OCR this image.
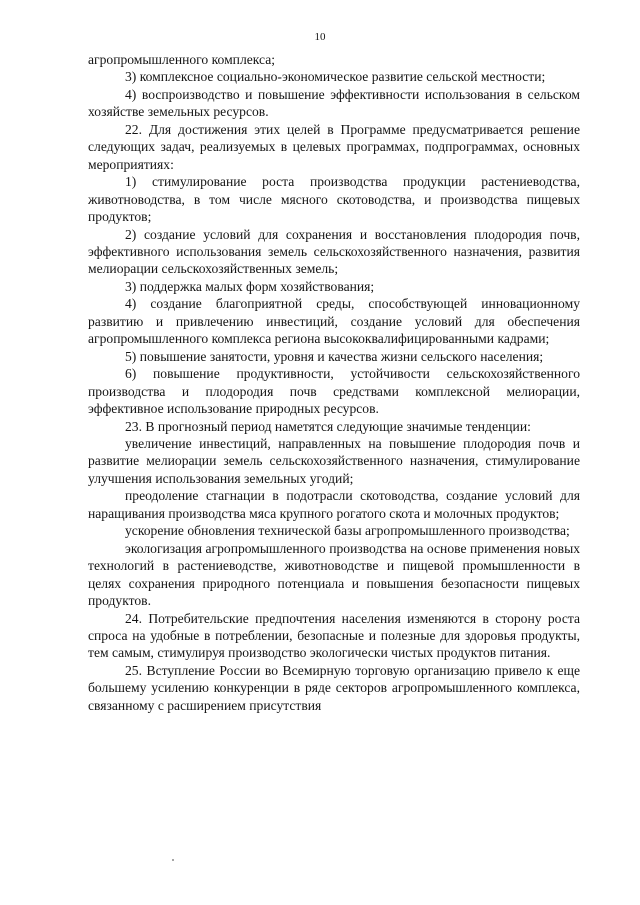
10

агропромышленного комплекса;

3) комплексное социально-экономическое развитие сельской местности;

4) воспроизводство и повышение эффективности использования в сельском хозяйстве земельных ресурсов.

22. Для достижения этих целей в Программе предусматривается решение следующих задач, реализуемых в целевых программах, подпрограммах, основных мероприятиях:

1) стимулирование роста производства продукции растениеводства, животноводства, в том числе мясного скотоводства, и производства пищевых продуктов;

2) создание условий для сохранения и восстановления плодородия почв, эффективного использования земель сельскохозяйственного назначения, развития мелиорации сельскохозяйственных земель;

3) поддержка малых форм хозяйствования;

4) создание благоприятной среды, способствующей инновационному развитию и привлечению инвестиций, создание условий для обеспечения агропромышленного комплекса региона высококвалифицированными кадрами;

5) повышение занятости, уровня и качества жизни сельского населения;

6) повышение продуктивности, устойчивости сельскохозяйственного производства и плодородия почв средствами комплексной мелиорации, эффективное использование природных ресурсов.

23. В прогнозный период наметятся следующие значимые тенденции:

увеличение инвестиций, направленных на повышение плодородия почв и развитие мелиорации земель сельскохозяйственного назначения, стимулирование улучшения использования земельных угодий;

преодоление стагнации в подотрасли скотоводства, создание условий для наращивания производства мяса крупного рогатого скота и молочных продуктов;

ускорение обновления технической базы агропромышленного производства;

экологизация агропромышленного производства на основе применения новых технологий в растениеводстве, животноводстве и пищевой промышленности в целях сохранения природного потенциала и повышения безопасности пищевых продуктов.

24. Потребительские предпочтения населения изменяются в сторону роста спроса на удобные в потреблении, безопасные и полезные для здоровья продукты, тем самым, стимулируя производство экологически чистых продуктов питания.

25. Вступление России во Всемирную торговую организацию привело к еще большему усилению конкуренции в ряде секторов агропромышленного комплекса, связанному с расширением присутствия
